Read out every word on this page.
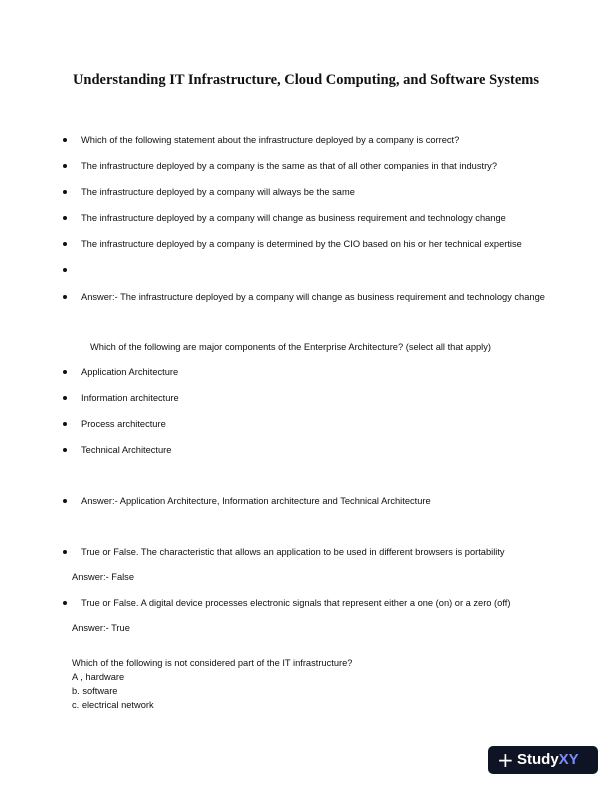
Understanding IT Infrastructure, Cloud Computing, and Software Systems
Which of the following statement about the infrastructure deployed by a company is correct?
The infrastructure deployed by a company is the same as that of all other companies in that industry?
The infrastructure deployed by a company will always be the same
The infrastructure deployed by a company will change as business requirement and technology change
The infrastructure deployed by a company is determined by the CIO based on his or her technical expertise
Answer:- The infrastructure deployed by a company will change as business requirement and technology change
Which of the following are major components of the Enterprise Architecture? (select all that apply)
Application Architecture
Information architecture
Process architecture
Technical Architecture
Answer:- Application Architecture, Information architecture and Technical Architecture
True or False. The characteristic that allows an application to be used in different browsers is portability
Answer:- False
True or False. A digital device processes electronic signals that represent either a one (on) or a zero (off)
Answer:- True
Which of the following is not considered part of the IT infrastructure?
A , hardware
b. software
c. electrical network
+ StudyXY
